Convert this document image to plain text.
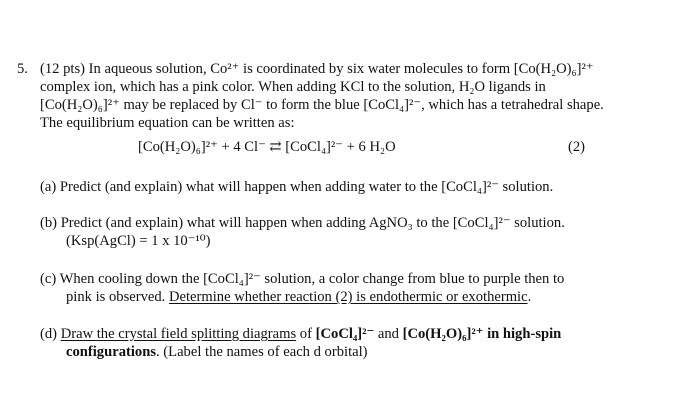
5. (12 pts) In aqueous solution, Co²⁺ is coordinated by six water molecules to form [Co(H₂O)₆]²⁺
complex ion, which has a pink color. When adding KCl to the solution, H₂O ligands in
[Co(H₂O)₆]²⁺ may be replaced by Cl⁻ to form the blue [CoCl₄]²⁻, which has a tetrahedral shape.
The equilibrium equation can be written as:
[Co(H₂O)₆]²⁺ + 4 Cl⁻ ⇄ [CoCl₄]²⁻ + 6 H₂O	(2)
(a) Predict (and explain) what will happen when adding water to the [CoCl₄]²⁻ solution.
(b) Predict (and explain) what will happen when adding AgNO₃ to the [CoCl₄]²⁻ solution.
(Ksp(AgCl) = 1 x 10⁻¹⁰)
(c) When cooling down the [CoCl₄]²⁻ solution, a color change from blue to purple then to
pink is observed. Determine whether reaction (2) is endothermic or exothermic.
(d) Draw the crystal field splitting diagrams of [CoCl₄]²⁻ and [Co(H₂O)₆]²⁺ in high-spin
configurations. (Label the names of each d orbital)
